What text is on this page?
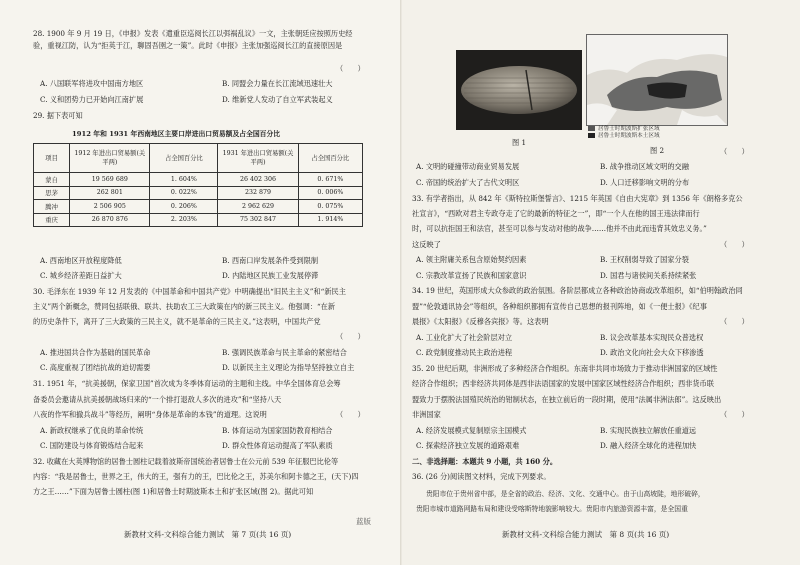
28. 1900 年 9 月 19 日，《申报》发表《遣重臣巡阅长江以弭祸乱议》一文，主张朝廷应按照历史经
验，重视江防，认为“拒英于江，聊固吾圉之一策”。此时《申报》主张加强巡阅长江的直接原因是
（　　）
A. 八国联军将进攻中国南方地区	B. 同盟会力量在长江流域迅速壮大
C. 义和团势力已开始向江南扩展	D. 维新党人发动了自立军武装起义
29. 据下表可知
1912 年和 1931 年西南地区主要口岸进出口贸易额及占全国百分比
项目	1912 年进出口贸易额(关平两)	占全国百分比	1931 年进出口贸易额(关平两)	占全国百分比
蒙自	19 569 689	1. 604%	26 402 306	0. 671%
思茅	262 801	0. 022%	232 879	0. 006%
腾冲	2 506 905	0. 206%	2 962 629	0. 075%
重庆	26 870 876	2. 203%	75 302 847	1. 914%
A. 西南地区开放程度降低	B. 西南口岸发展条件受到限制
C. 城乡经济差距日益扩大	D. 内陆地区民族工业发展停滞
30. 毛泽东在 1939 年 12 月发表的《中国革命和中国共产党》中明确提出“旧民主主义”和“新民主
主义”两个新概念，赞同包括联俄、联共、扶助农工三大政策在内的新三民主义。他强调：“在新
的历史条件下，离开了三大政策的三民主义，就不是革命的三民主义。”这表明，中国共产党
（　　）
A. 推进国共合作为基础的国民革命	B. 强调民族革命与民主革命的紧密结合
C. 高度重视了团结抗战的迫切需要	D. 以新民主主义理论为指导坚持独立自主
31. 1951 年，“抗美援朝，保家卫国”首次成为冬季体育运动的主题和主线。中华全国体育总会筹
备委员会邀请从抗美援朝战场归来的“一个排打退敌人多次的进攻”和“坚持八天
八夜的作军和撤兵战斗”等经历，阐明“身体是革命的本钱”的道理。这说明	（　　）
A. 新政权继承了优良的革命传统	B. 体育运动为国家国防教育相结合
C. 国防建设与体育锻炼结合起来	D. 群众性体育运动提高了军队素质
32. 收藏在大英博物馆的居鲁士圆柱记载着波斯帝国统治者居鲁士在公元前 539 年征服巴比伦等
内容：“我是居鲁士，世界之王，伟大的王，强有力的王，巴比伦之王，苏美尔和阿卡德之王，(天下)四
方之王……”下面为居鲁士圆柱(图 1)和居鲁士时期波斯本土和扩张区域(图 2)。据此可知
新教材文科-文科综合能力测试　第 7 页(共 16 页)
蓝版
图 1
居鲁士时期波斯扩张区域
居鲁士时期波斯本土区域
图 2	（　　）
A. 文明的碰撞带动商业贸易发展	B. 战争推动区域文明的交融
C. 帝国的统治扩大了古代文明区	D. 人口迁移影响文明的分布
33. 有学者指出，从 842 年《斯特拉斯堡誓言》、1215 年英国《自由大宪章》到 1356 年《朗格多克公
社宣言》，“西欧对君主专政夺走了它的最新的特征之一”，即“一个人在他的国王违法律而行
时，可以抗拒国王和法官，甚至可以参与发动对他的战争……他并不由此而违背其效忠义务。”
这反映了	（　　）
A. 领主附庸关系包含原始契约因素	B. 王权削弱导致了国家分裂
C. 宗教改革宣扬了民族和国家意识	D. 国君与诸侯间关系持续紧张
34. 19 世纪，英国形成大众参政的政治氛围。各阶层都成立各种政治协商或改革组织，如“伯明翰政治同
盟”“伦敦通讯协会”等组织，各种组织都拥有宣传自己思想的报刊阵地，如《一便士报》《纪事
晨报》《太阳报》《反穆各宾报》等。这表明	（　　）
A. 工业化扩大了社会阶层对立	B. 议会改革基本实现民众普选权
C. 政党制度推动民主政治进程	D. 政治文化向社会大众下移渗透
35. 20 世纪后期，非洲形成了多种经济合作组织。东南非共同市场致力于推动非洲国家的区域性
经济合作组织；西非经济共同体是西非法语国家的发展中国家区域性经济合作组织；西非货币联
盟致力于摆脱法国殖民统治的钳制状态，在独立前后的一段时期，使用“法属非洲法郎”。这反映出
非洲国家	（　　）
A. 经济发展模式复制原宗主国模式	B. 实现民族独立解放任重道远
C. 探索经济独立发展的道路艰难	D. 融入经济全球化的进程加快
二、非选择题：本题共 9 小题，共 160 分。
36. (26 分)阅读图文材料，完成下列要求。
贵阳市位于贵州省中部，是全省的政治、经济、文化、交通中心。由于山高坡陡，地形破碎，
贵阳市城市道路网路布局和建设受喀斯特地貌影响较大。贵阳市内旅游资源丰富，是全国重
新教材文科-文科综合能力测试　第 8 页(共 16 页)
